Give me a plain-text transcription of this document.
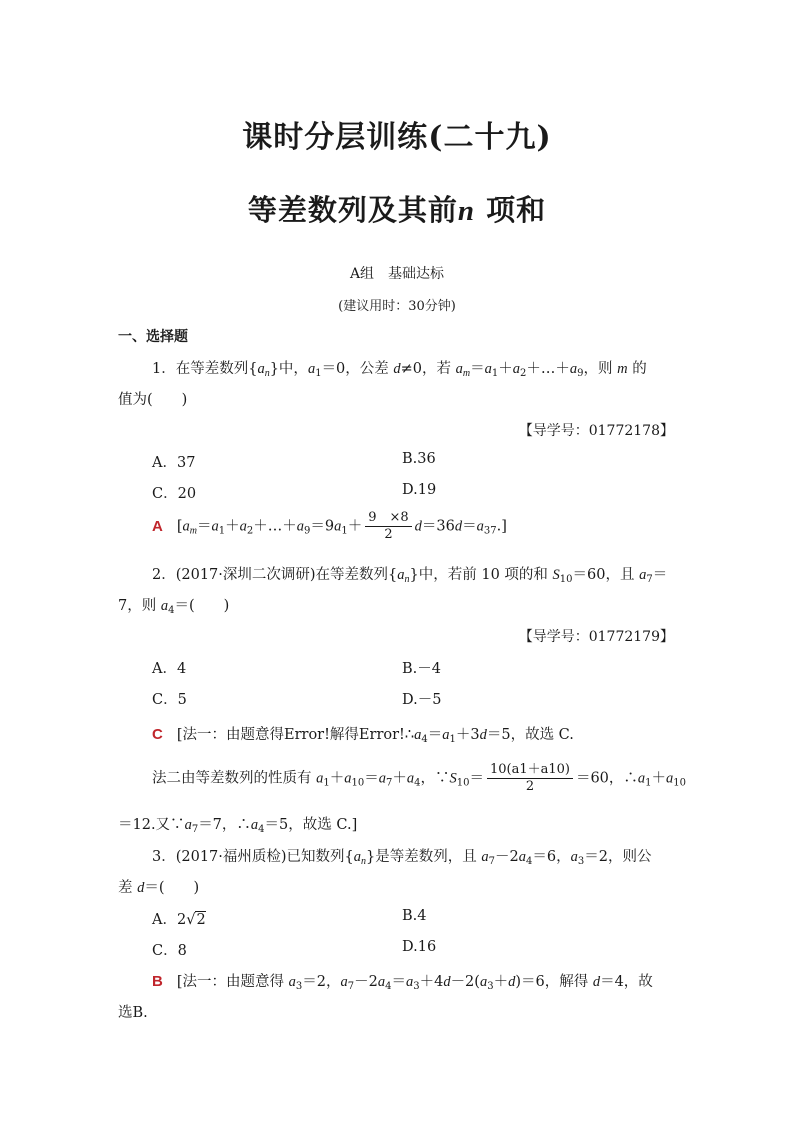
课时分层训练(二十九)
等差数列及其前n 项和
A组　基础达标
(建议用时：30分钟)
一、选择题
1．在等差数列$\{a_n\}$中，$a_1=0$，公差 d≠0，若 $a_m=a_1+a_2+\dots+a_9$，则 m 的
值为(　　)
【导学号：01772178】
A．37	B.36
C．20	D.19
A $[a_m=a_1+a_2+\dots+a_9=9a_1+ \frac{9 \times 8}{2} d=36d=a_{37}.]$
2．(2017·深圳二次调研)在等差数列$\{a_n\}$中，若前 10 项的和 $S_{10}=60$，且 $a_7=$
7，则 $a_4=$(　　)
【导学号：01772179】
A．4	B.－4
C．5	D.－5
C [法一：由题意得Error!解得$Error!\therefore a_4=a_1+3d=5$，故选 C.
法二由等差数列的性质有 $a_1+a_{10}=a_7+a_4$，$\because S_{10}= \frac{10(a1+a10)}{2} =60$，$\therefore a_1+a_{10}$
＝12.又$\because a_7=7$，$\therefore a_4=5$，故选 C.]
3．(2017·福州质检)已知数列$\{a_n\}$是等差数列，且 $a_7-2a_4=6$，$a_3=2$，则公
差 d＝(　　)
A．2√2	B.4
C．8	D.16
B [法一：由题意得 $a_3=2$，$a_7-2a_4=a_3+4d-2(a_3+d)=6$，解得 d＝4，故
选B.
